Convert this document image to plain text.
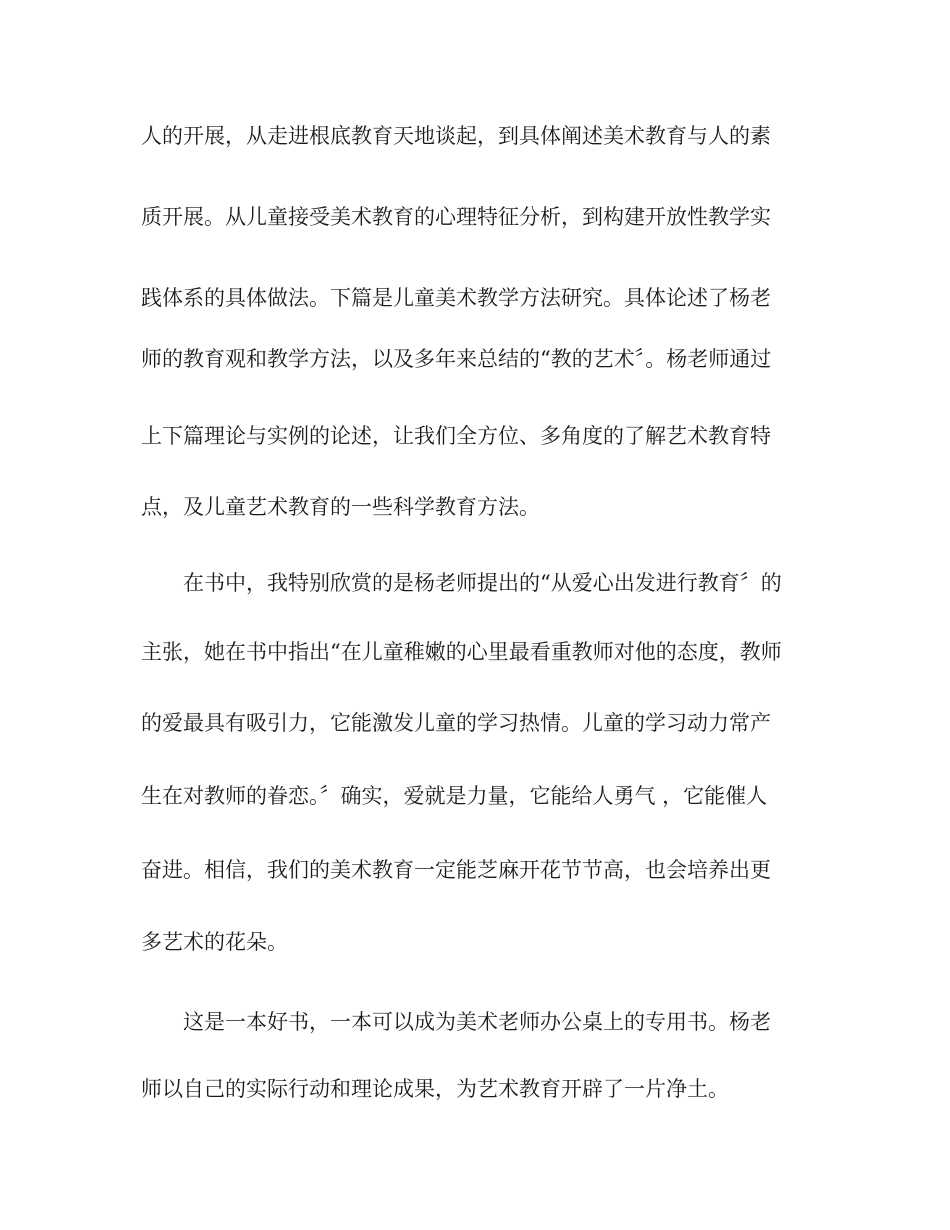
人的开展，从走进根底教育天地谈起，到具体阐述美术教育与人的素
质开展。从儿童接受美术教育的心理特征分析，到构建开放性教学实
践体系的具体做法。下篇是儿童美术教学方法研究。具体论述了杨老
师的教育观和教学方法，以及多年来总结的“教的艺术〞。杨老师通过
上下篇理论与实例的论述，让我们全方位、多角度的了解艺术教育特
点，及儿童艺术教育的一些科学教育方法。
在书中，我特别欣赏的是杨老师提出的“从爱心出发进行教育〞的
主张，她在书中指出“在儿童稚嫩的心里最看重教师对他的态度，教师
的爱最具有吸引力，它能激发儿童的学习热情。儿童的学习动力常产
生在对教师的眷恋。〞确实，爱就是力量，它能给人勇气 ，它能催人
奋进。相信，我们的美术教育一定能芝麻开花节节高，也会培养出更
多艺术的花朵。
这是一本好书，一本可以成为美术老师办公桌上的专用书。杨老
师以自己的实际行动和理论成果，为艺术教育开辟了一片净土。
